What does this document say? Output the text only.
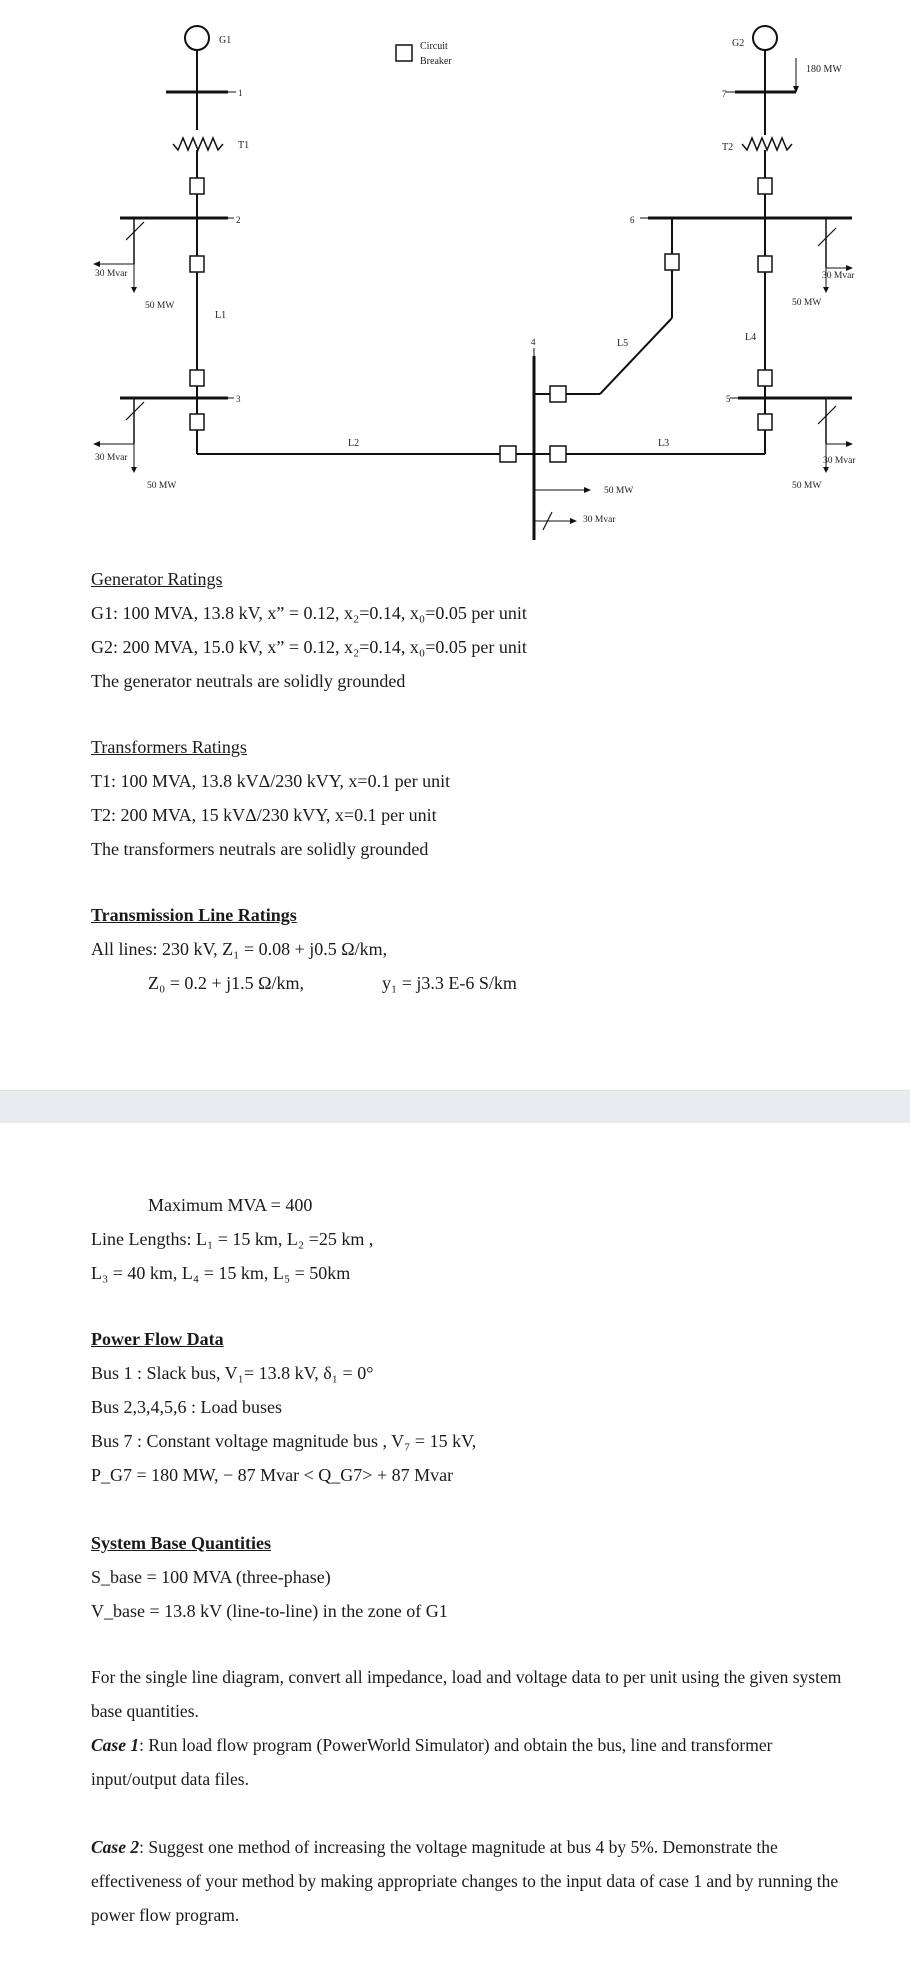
G1
1
T1
2
30 Mvar
50 MW
L1
3
30 Mvar
50 MW
L2
4	L5
L3
50 MW
30 Mvar
Circuit
Breaker
G2
180 MW
7
T2
6
30 Mvar
50 MW
L4
5
30 Mvar
50 MW
Generator Ratings
G1: 100 MVA, 13.8 kV, x” = 0.12, x₂=0.14, x₀=0.05 per unit
G2: 200 MVA, 15.0 kV, x” = 0.12, x₂=0.14, x₀=0.05 per unit
The generator neutrals are solidly grounded
Transformers Ratings
T1: 100 MVA, 13.8 kVΔ/230 kVY, x=0.1 per unit
T2: 200 MVA, 15 kVΔ/230 kVY, x=0.1 per unit
The transformers neutrals are solidly grounded
Transmission Line Ratings
All lines: 230 kV, Z₁ = 0.08 + j0.5 Ω/km,
Z₀ = 0.2 + j1.5 Ω/km,	y₁ = j3.3 E-6 S/km
Maximum MVA = 400
Line Lengths: L₁ = 15 km, L₂ =25 km ,
L₃ = 40 km, L₄ = 15 km, L₅ = 50km
Power Flow Data
Bus 1 : Slack bus, V₁= 13.8 kV, δ₁ = 0°
Bus 2,3,4,5,6 : Load buses
Bus 7 : Constant voltage magnitude bus , V₇ = 15 kV,
P_G7 = 180 MW, − 87 Mvar < Q_G7> + 87 Mvar
System Base Quantities
S_base = 100 MVA (three-phase)
V_base = 13.8 kV (line-to-line) in the zone of G1
For the single line diagram, convert all impedance, load and voltage data to per unit using the given system base quantities.
Case 1: Run load flow program (PowerWorld Simulator) and obtain the bus, line and transformer input/output data files.
Case 2: Suggest one method of increasing the voltage magnitude at bus 4 by 5%. Demonstrate the effectiveness of your method by making appropriate changes to the input data of case 1 and by running the power flow program.
